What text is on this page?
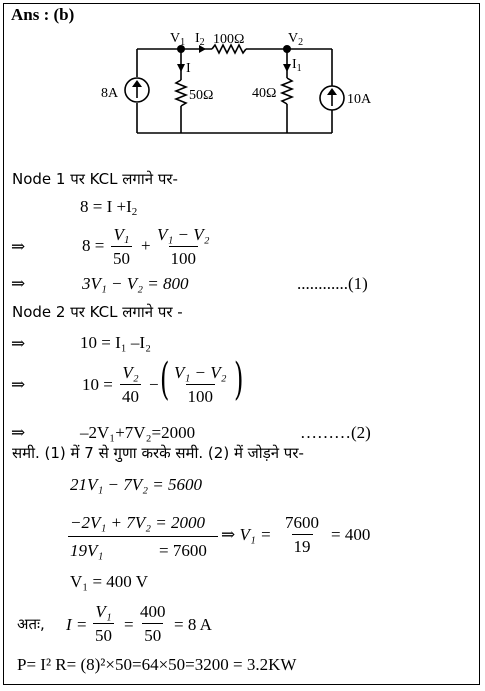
Ans : (b)
$V_1$ $I_2$ 100Ω	$V_2$
I	$I_1$
8A	50Ω	40Ω	10A
Node 1 पर KCL लगाने पर-
$8 = I +I_2$
⇒	$8 = \frac{V_1}{50} + \frac{\text{V₁ − V₂}}{100}$
⇒	3V₁ − V₂ = 800	............(1)
Node 2 पर KCL लगाने पर -
⇒	10 = I₁ –I₂
⇒	$10 = \frac{\text{V₂}}{40}$ − ( $\frac{\text{V₁ − V₂}}{100}$ )
⇒	–2V₁+7V₂=2000	………(2)
समी. (1) में 7 से गुणा करके समी. (2) में जोड़ने पर-
21V₁ − 7V₂ = 5600
−2V₁ + 7V₂ = 2000
19V₁	= 7600
⇒ $V_1 = \frac{7600}{19} = 400$
V₁ = 400 V
अतः, $I = \frac{\text{V₁}}{50} = \frac{400}{50} = 8$ A
P= I² R= (8)²×50=64×50=3200 = 3.2KW
